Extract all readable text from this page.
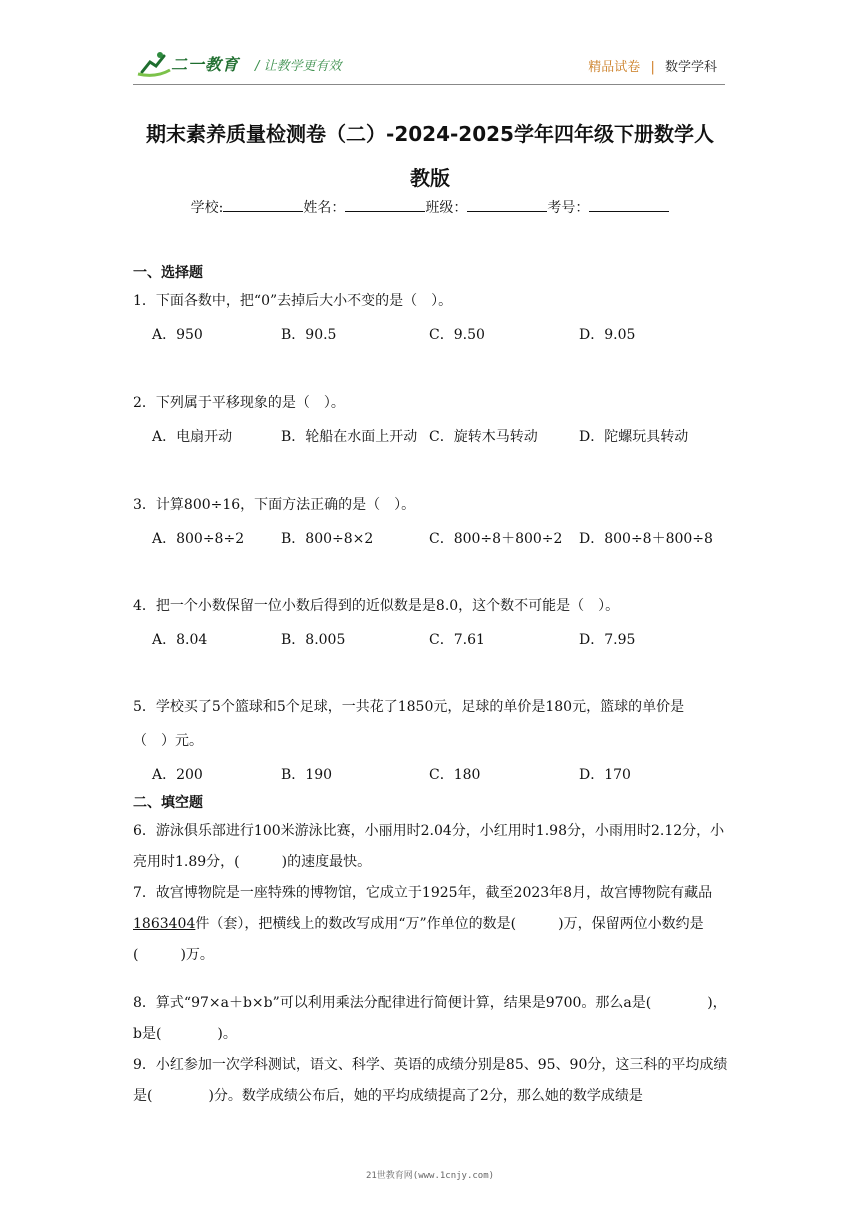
二一教育 / 让教学更有效	精品试卷 | 数学学科
期末素养质量检测卷（二）-2024-2025学年四年级下册数学人
教版
学校:	姓名：	班级：	考号：
一、选择题
1．下面各数中，把“0”去掉后大小不变的是（　）。
A．950	B．90.5	C．9.50	D．9.05
2．下列属于平移现象的是（　）。
A．电扇开动	B．轮船在水面上开动 C．旋转木马转动	D．陀螺玩具转动
3．计算800÷16，下面方法正确的是（　）。
A．800÷8÷2	B．800÷8×2	C．800÷8＋800÷2 D．800÷8＋800÷8
4．把一个小数保留一位小数后得到的近似数是是8.0，这个数不可能是（　）。
A．8.04	B．8.005	C．7.61	D．7.95
5．学校买了5个篮球和5个足球，一共花了1850元，足球的单价是180元，篮球的单价是
（　）元。
A．200	B．190	C．180	D．170
二、填空题
6．游泳俱乐部进行100米游泳比赛，小丽用时2.04分，小红用时1.98分，小雨用时2.12分，小亮用时1.89分，(　　　)的速度最快。
7．故宫博物院是一座特殊的博物馆，它成立于1925年，截至2023年8月，故宫博物院有藏品1863404件（套），把横线上的数改写成用“万”作单位的数是(　　　)万，保留两位小数约是(　　　)万。
8．算式“97×a＋b×b”可以利用乘法分配律进行简便计算，结果是9700。那么a是(　　　　)，b是(　　　　)。
9．小红参加一次学科测试，语文、科学、英语的成绩分别是85、95、90分，这三科的平均成绩是(　　　　)分。数学成绩公布后，她的平均成绩提高了2分，那么她的数学成绩是
21世教育网(www.1cnjy.com)
